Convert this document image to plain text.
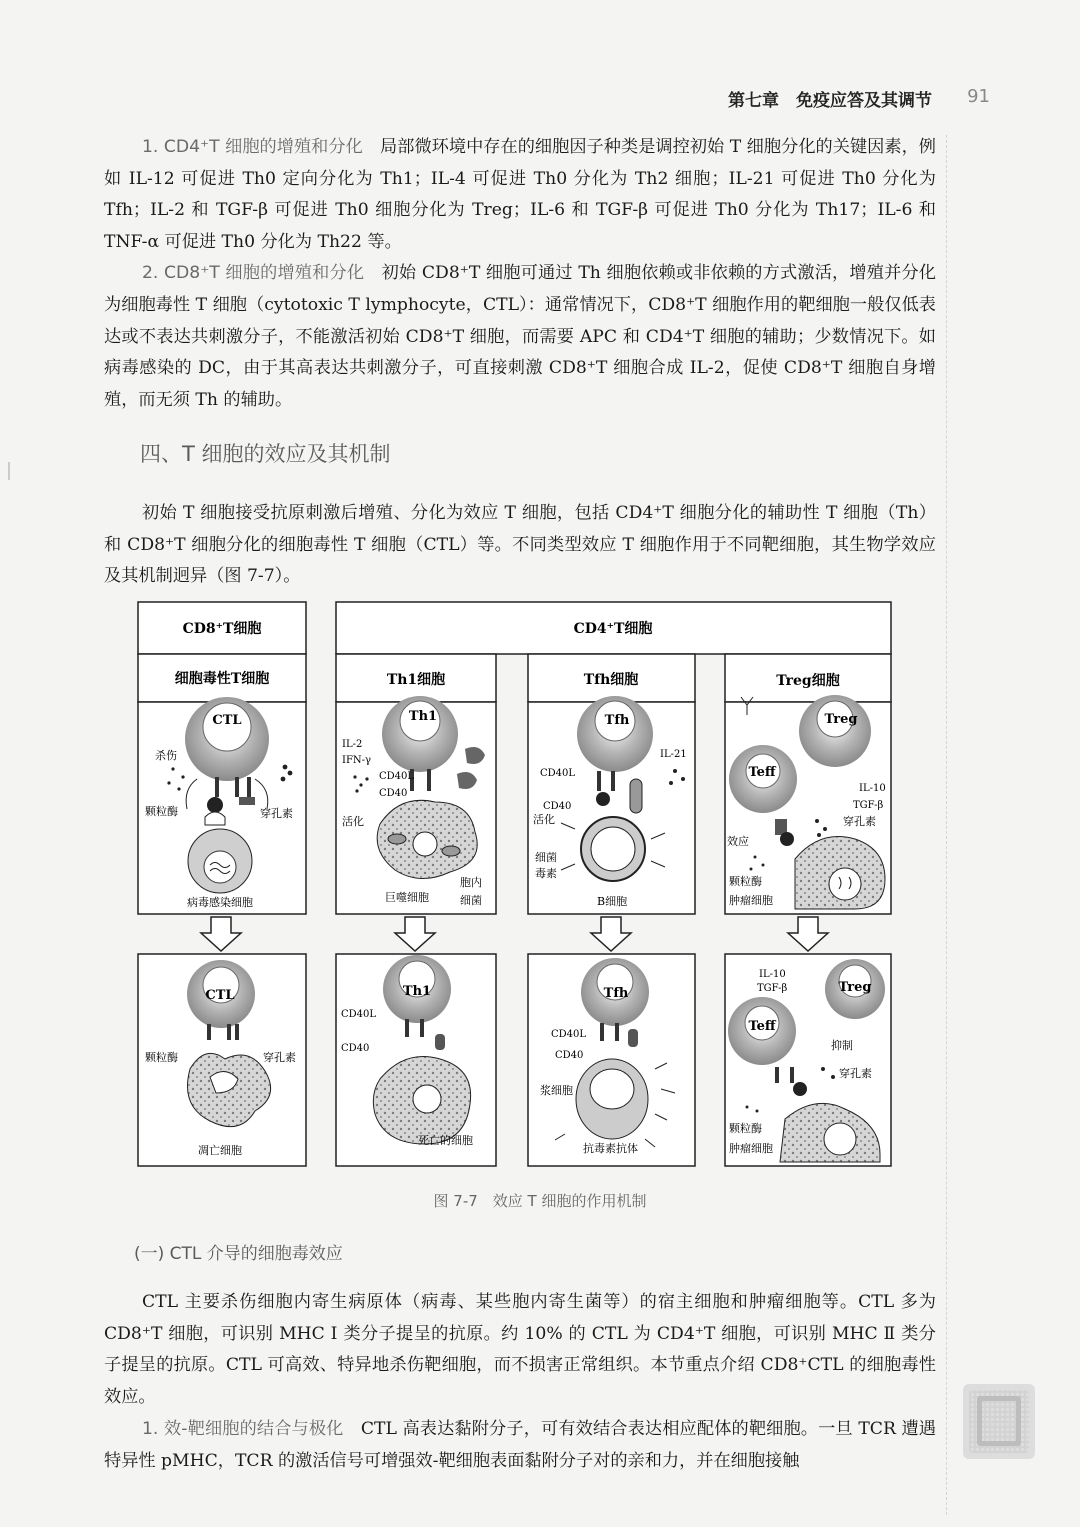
第七章　免疫应答及其调节 91

1. CD4⁺T 细胞的增殖和分化　 局部微环境中存在的细胞因子种类是调控初始 T 细胞分化的关键因素，例如 IL-12 可促进 Th0 定向分化为 Th1；IL-4 可促进 Th0 分化为 Th2 细胞；IL-21 可促进 Th0 分化为 Tfh；IL-2 和 TGF-β 可促进 Th0 细胞分化为 Treg；IL-6 和 TGF-β 可促进 Th0 分化为 Th17；IL-6 和 TNF-α 可促进 Th0 分化为 Th22 等。

2. CD8⁺T 细胞的增殖和分化　 初始 CD8⁺T 细胞可通过 Th 细胞依赖或非依赖的方式激活，增殖并分化为细胞毒性 T 细胞（cytotoxic T lymphocyte，CTL）：通常情况下，CD8⁺T 细胞作用的靶细胞一般仅低表达或不表达共刺激分子，不能激活初始 CD8⁺T 细胞，而需要 APC 和 CD4⁺T 细胞的辅助；少数情况下。如病毒感染的 DC，由于其高表达共刺激分子，可直接刺激 CD8⁺T 细胞合成 IL-2，促使 CD8⁺T 细胞自身增殖，而无须 Th 的辅助。

四、T 细胞的效应及其机制

初始 T 细胞接受抗原刺激后增殖、分化为效应 T 细胞，包括 CD4⁺T 细胞分化的辅助性 T 细胞（Th）和 CD8⁺T 细胞分化的细胞毒性 T 细胞（CTL）等。不同类型效应 T 细胞作用于不同靶细胞，其生物学效应及其机制迥异（图 7-7）。

CD8⁺T细胞	CD4⁺T细胞
细胞毒性T细胞	Th1细胞	Tfh细胞	Treg细胞
CTL
杀伤
颗粒酶	穿孔素
病毒感染细胞
Th1
IL-2
IFN-γ
CD40L
CD40
活化
巨噬细胞
胞内
细菌
Tfh
CD40L
CD40
活化
IL-21
细菌
毒素
B细胞
Treg
Teff
IL-10
TGF-β
穿孔素
效应
颗粒酶
肿瘤细胞
CTL
颗粒酶	穿孔素
凋亡细胞
Th1
CD40L
CD40
死亡的细胞
Tfh
CD40L
CD40
浆细胞
抗毒素抗体
Treg
Teff
IL-10
TGF-β
抑制
穿孔素
颗粒酶
肿瘤细胞
图 7-7　效应 T 细胞的作用机制
(一) CTL 介导的细胞毒效应

CTL 主要杀伤细胞内寄生病原体（病毒、某些胞内寄生菌等）的宿主细胞和肿瘤细胞等。CTL 多为 CD8⁺T 细胞，可识别 MHC Ⅰ 类分子提呈的抗原。约 10% 的 CTL 为 CD4⁺T 细胞，可识别 MHC Ⅱ 类分子提呈的抗原。CTL 可高效、特异地杀伤靶细胞，而不损害正常组织。本节重点介绍 CD8⁺CTL 的细胞毒性效应。

1. 效-靶细胞的结合与极化　 CTL 高表达黏附分子，可有效结合表达相应配体的靶细胞。一旦 TCR 遭遇特异性 pMHC，TCR 的激活信号可增强效-靶细胞表面黏附分子对的亲和力，并在细胞接触
